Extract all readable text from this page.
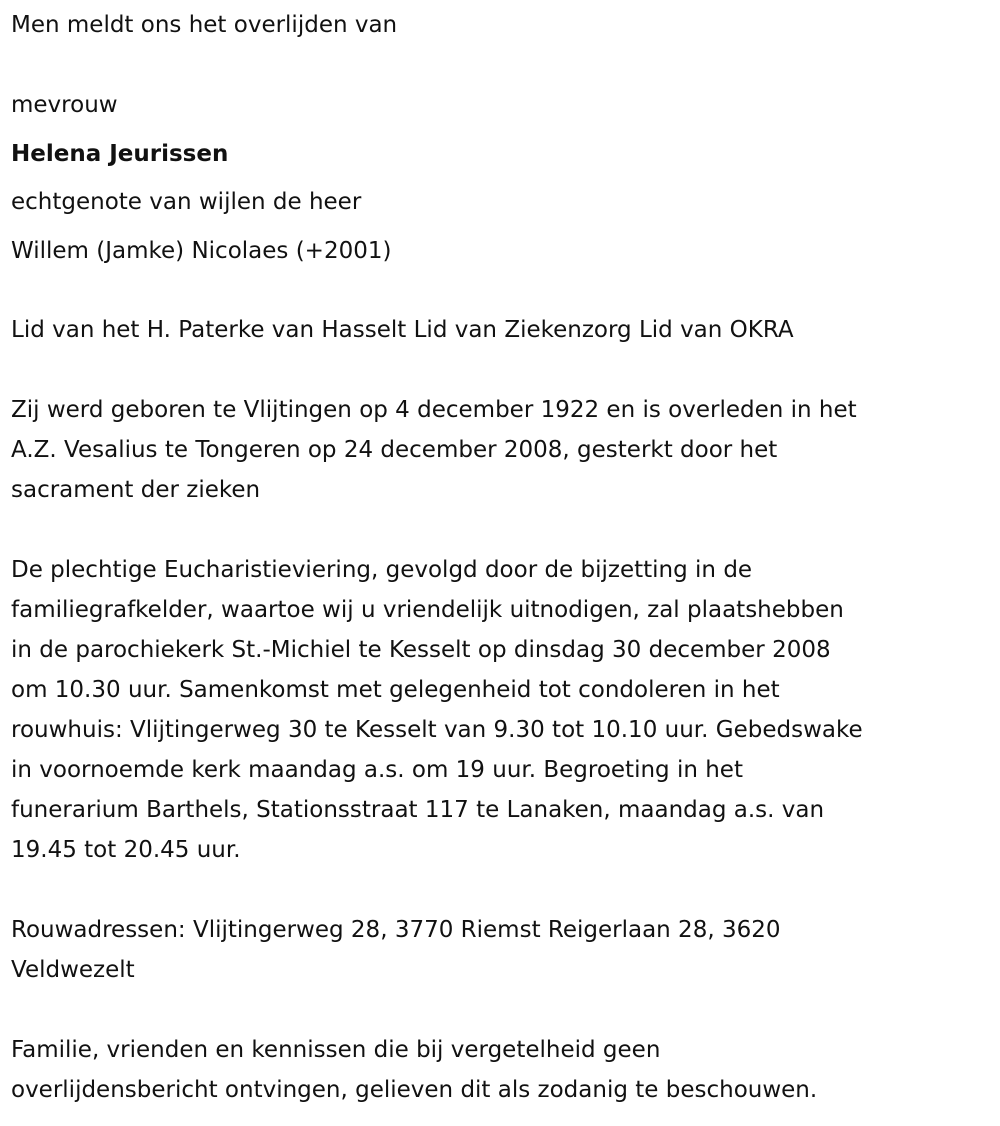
Men meldt ons het overlijden van
mevrouw
Helena Jeurissen
echtgenote van wijlen de heer
Willem (Jamke) Nicolaes (+2001)
Lid van het H. Paterke van Hasselt Lid van Ziekenzorg Lid van OKRA
Zij werd geboren te Vlijtingen op 4 december 1922 en is overleden in het
A.Z. Vesalius te Tongeren op 24 december 2008, gesterkt door het
sacrament der zieken
De plechtige Eucharistieviering, gevolgd door de bijzetting in de
familiegrafkelder, waartoe wij u vriendelijk uitnodigen, zal plaatshebben
in de parochiekerk St.-Michiel te Kesselt op dinsdag 30 december 2008
om 10.30 uur. Samenkomst met gelegenheid tot condoleren in het
rouwhuis: Vlijtingerweg 30 te Kesselt van 9.30 tot 10.10 uur. Gebedswake
in voornoemde kerk maandag a.s. om 19 uur. Begroeting in het
funerarium Barthels, Stationsstraat 117 te Lanaken, maandag a.s. van
19.45 tot 20.45 uur.
Rouwadressen: Vlijtingerweg 28, 3770 Riemst Reigerlaan 28, 3620
Veldwezelt
Familie, vrienden en kennissen die bij vergetelheid geen
overlijdensbericht ontvingen, gelieven dit als zodanig te beschouwen.
